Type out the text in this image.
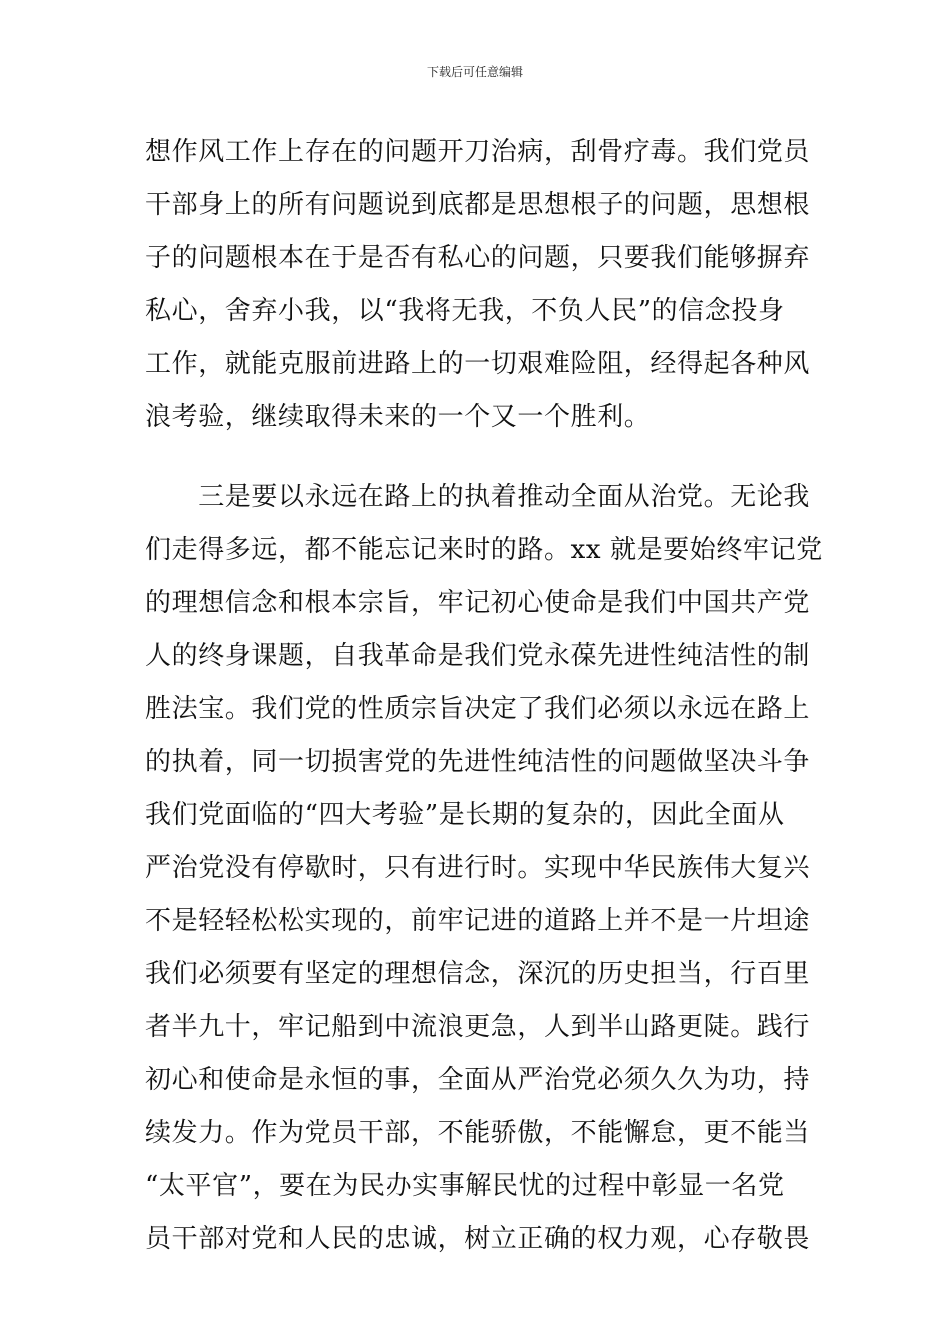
下载后可任意编辑
想作风工作上存在的问题开刀治病，刮骨疗毒。我们党员
干部身上的所有问题说到底都是思想根子的问题，思想根
子的问题根本在于是否有私心的问题，只要我们能够摒弃
私心，舍弃小我，以“我将无我，不负人民”的信念投身
工作，就能克服前进路上的一切艰难险阻，经得起各种风
浪考验，继续取得未来的一个又一个胜利。
　　三是要以永远在路上的执着推动全面从治党。无论我
们走得多远，都不能忘记来时的路。xx 就是要始终牢记党
的理想信念和根本宗旨，牢记初心使命是我们中国共产党
人的终身课题，自我革命是我们党永葆先进性纯洁性的制
胜法宝。我们党的性质宗旨决定了我们必须以永远在路上
的执着，同一切损害党的先进性纯洁性的问题做坚决斗争
我们党面临的“四大考验”是长期的复杂的，因此全面从
严治党没有停歇时，只有进行时。实现中华民族伟大复兴
不是轻轻松松实现的，前牢记进的道路上并不是一片坦途
我们必须要有坚定的理想信念，深沉的历史担当，行百里
者半九十，牢记船到中流浪更急，人到半山路更陡。践行
初心和使命是永恒的事，全面从严治党必须久久为功，持
续发力。作为党员干部，不能骄傲，不能懈怠，更不能当
“太平官”，要在为民办实事解民忧的过程中彰显一名党
员干部对党和人民的忠诚，树立正确的权力观，心存敬畏
